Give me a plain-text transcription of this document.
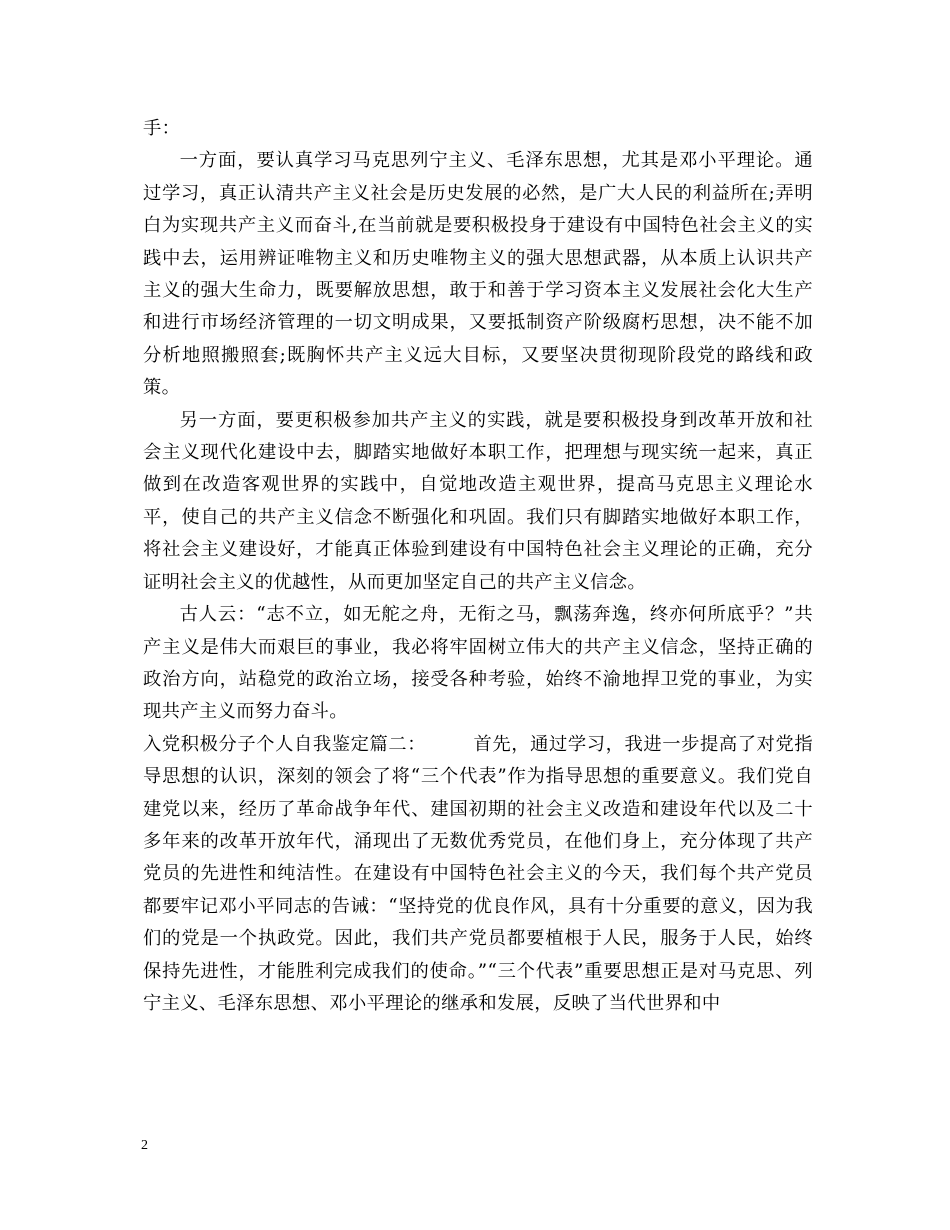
手：

一方面，要认真学习马克思列宁主义、毛泽东思想，尤其是邓小平理论。通过学习，真正认清共产主义社会是历史发展的必然，是广大人民的利益所在;弄明白为实现共产主义而奋斗,在当前就是要积极投身于建设有中国特色社会主义的实践中去，运用辨证唯物主义和历史唯物主义的强大思想武器，从本质上认识共产主义的强大生命力，既要解放思想，敢于和善于学习资本主义发展社会化大生产和进行市场经济管理的一切文明成果，又要抵制资产阶级腐朽思想，决不能不加分析地照搬照套;既胸怀共产主义远大目标，又要坚决贯彻现阶段党的路线和政策。

另一方面，要更积极参加共产主义的实践，就是要积极投身到改革开放和社会主义现代化建设中去，脚踏实地做好本职工作，把理想与现实统一起来，真正做到在改造客观世界的实践中，自觉地改造主观世界，提高马克思主义理论水平，使自己的共产主义信念不断强化和巩固。我们只有脚踏实地做好本职工作，将社会主义建设好，才能真正体验到建设有中国特色社会主义理论的正确，充分证明社会主义的优越性，从而更加坚定自己的共产主义信念。

古人云：“志不立，如无舵之舟，无衔之马，飘荡奔逸，终亦何所底乎？”共产主义是伟大而艰巨的事业，我必将牢固树立伟大的共产主义信念，坚持正确的政治方向，站稳党的政治立场，接受各种考验，始终不渝地捍卫党的事业，为实现共产主义而努力奋斗。

入党积极分子个人自我鉴定篇二：　　　首先，通过学习，我进一步提高了对党指导思想的认识，深刻的领会了将“三个代表”作为指导思想的重要意义。我们党自建党以来，经历了革命战争年代、建国初期的社会主义改造和建设年代以及二十多年来的改革开放年代，涌现出了无数优秀党员，在他们身上，充分体现了共产党员的先进性和纯洁性。在建设有中国特色社会主义的今天，我们每个共产党员都要牢记邓小平同志的告诫：“坚持党的优良作风，具有十分重要的意义，因为我们的党是一个执政党。因此，我们共产党员都要植根于人民，服务于人民，始终保持先进性，才能胜利完成我们的使命。”“三个代表”重要思想正是对马克思、列宁主义、毛泽东思想、邓小平理论的继承和发展，反映了当代世界和中

2
